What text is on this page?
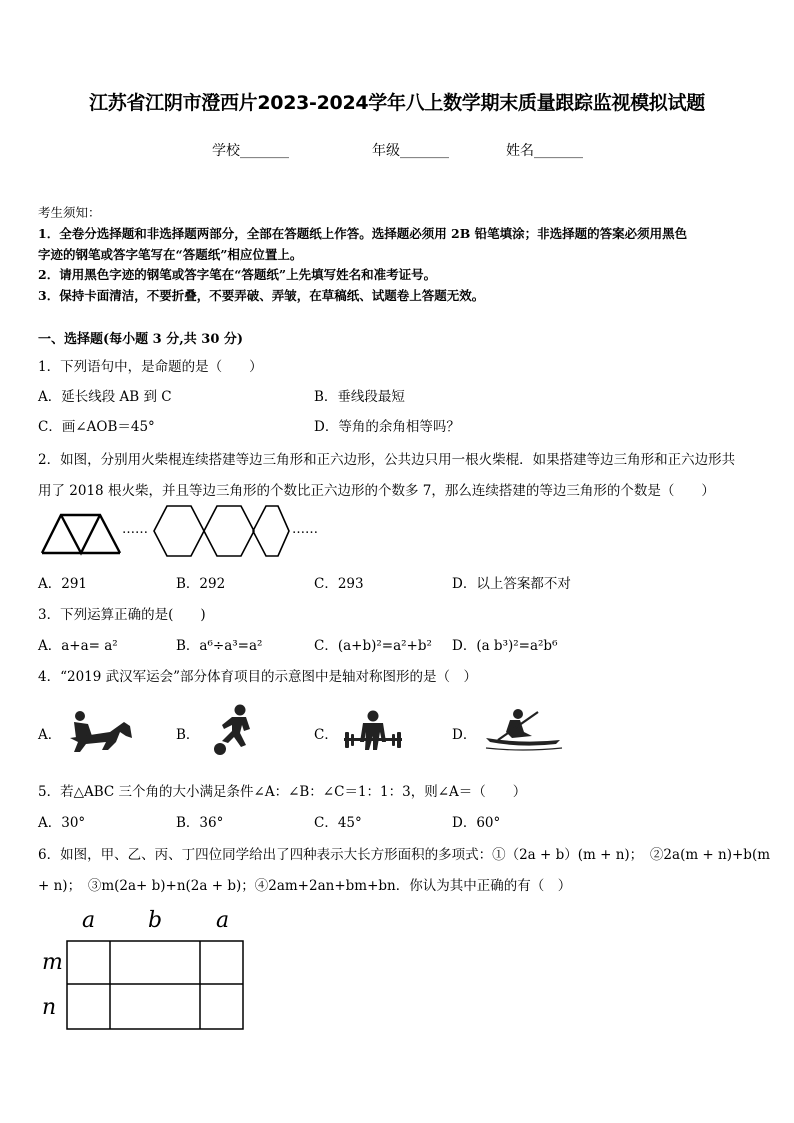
江苏省江阴市澄西片2023-2024学年八上数学期末质量跟踪监视模拟试题
学校_______	年级_______	姓名_______
考生须知：
1．全卷分选择题和非选择题两部分，全部在答题纸上作答。选择题必须用 2B 铅笔填涂；非选择题的答案必须用黑色
字迹的钢笔或答字笔写在“答题纸”相应位置上。
2．请用黑色字迹的钢笔或答字笔在“答题纸”上先填写姓名和准考证号。
3．保持卡面清洁，不要折叠，不要弄破、弄皱，在草稿纸、试题卷上答题无效。
一、选择题(每小题 3 分,共 30 分)
1．下列语句中，是命题的是（　　）
A．延长线段 AB 到 C	B．垂线段最短
C．画∠AOB＝45°	D．等角的余角相等吗？
2．如图，分别用火柴棍连续搭建等边三角形和正六边形，公共边只用一根火柴棍．如果搭建等边三角形和正六边形共
用了 2018 根火柴，并且等边三角形的个数比正六边形的个数多 7，那么连续搭建的等边三角形的个数是（　　）
……	……
A．291	B．292	C．293	D．以上答案都不对
3．下列运算正确的是(　　)
A．a+a= a²	B．a⁶÷a³=a²	C．(a+b)²=a²+b² D．(a b³)²=a²b⁶
4．“2019 武汉军运会”部分体育项目的示意图中是轴对称图形的是（　）
A．	B．	C．	D．
5．若△ABC 三个角的大小满足条件∠A：∠B：∠C＝1：1：3，则∠A＝（　　）
A．30°	B．36°	C．45°	D．60°
6．如图，甲、乙、丙、丁四位同学给出了四种表示大长方形面积的多项式：①（2a + b）(m + n)；　②2a(m + n)+b(m
+ n)；　③m(2a+ b)+n(2a + b)；④2am+2an+bm+bn．你认为其中正确的有（　）
a b a
m
n
